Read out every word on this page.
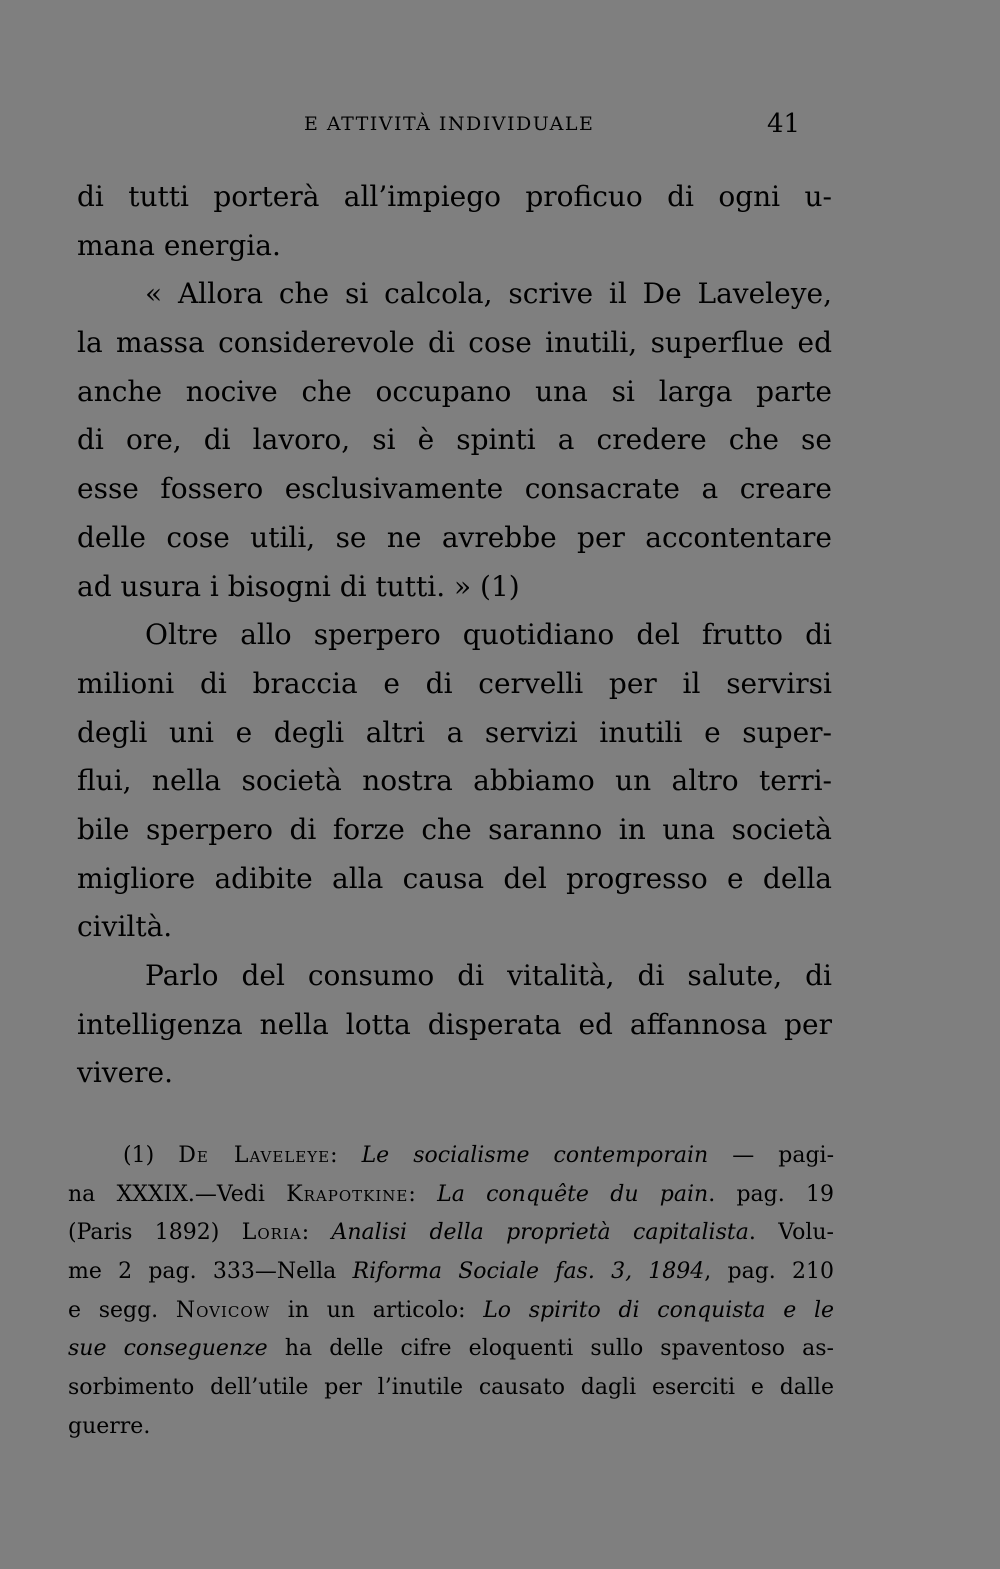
E ATTIVITÀ INDIVIDUALE	41
di tutti porterà all’impiego proficuo di ogni u-
mana energia.
« Allora che si calcola, scrive il De Laveleye,
la massa considerevole di cose inutili, superflue ed
anche nocive che occupano una si larga parte
di ore, di lavoro, si è spinti a credere che se
esse fossero esclusivamente consacrate a creare
delle cose utili, se ne avrebbe per accontentare
ad usura i bisogni di tutti. » (1)
Oltre allo sperpero quotidiano del frutto di
milioni di braccia e di cervelli per il servirsi
degli uni e degli altri a servizi inutili e super-
flui, nella società nostra abbiamo un altro terri-
bile sperpero di forze che saranno in una società
migliore adibite alla causa del progresso e della
civiltà.
Parlo del consumo di vitalità, di salute, di
intelligenza nella lotta disperata ed affannosa per
vivere.
(1) De Laveleye: Le socialisme contemporain — pagi-
na XXXIX.—Vedi Krapotkine: La conquête du pain. pag. 19
(Paris 1892) Loria: Analisi della proprietà capitalista. Volu-
me 2 pag. 333—Nella Riforma Sociale fas. 3, 1894, pag. 210
e segg. Novicow in un articolo: Lo spirito di conquista e le
sue conseguenze ha delle cifre eloquenti sullo spaventoso as-
sorbimento dell’utile per l’inutile causato dagli eserciti e dalle
guerre.
